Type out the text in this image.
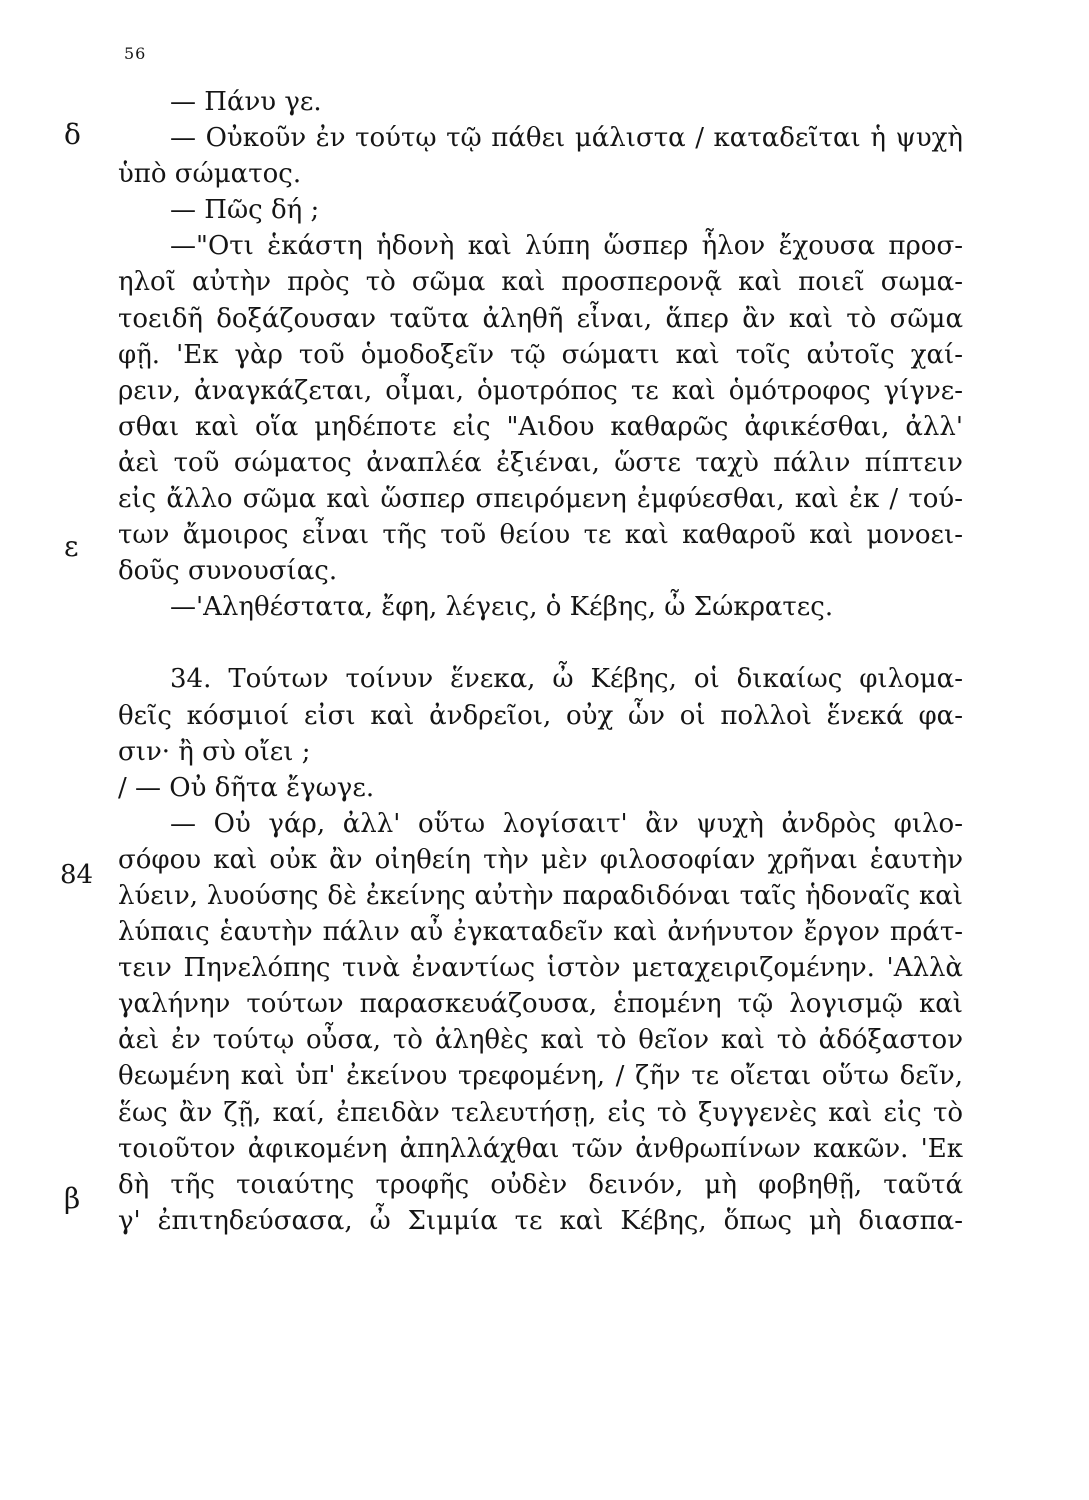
56
δ
ε
84
β
— Πάνυ γε.
— Οὐκοῦν ἐν τούτῳ τῷ πάθει μάλιστα / καταδεῖται ἡ ψυχὴ
ὑπὸ σώματος.
— Πῶς δή ;
—"Οτι ἑκάστη ἡδονὴ καὶ λύπη ὥσπερ ἧλον ἔχουσα προσ-
ηλοῖ αὐτὴν πρὸς τὸ σῶμα καὶ προσπερονᾷ καὶ ποιεῖ σωμα-
τοειδῆ δοξάζουσαν ταῦτα ἀληθῆ εἶναι, ἅπερ ἂν καὶ τὸ σῶμα
φῇ. 'Εκ γὰρ τοῦ ὁμοδοξεῖν τῷ σώματι καὶ τοῖς αὐτοῖς χαί-
ρειν, ἀναγκάζεται, οἶμαι, ὁμοτρόπος τε καὶ ὁμότροφος γίγνε-
σθαι καὶ οἵα μηδέποτε εἰς "Αιδου καθαρῶς ἀφικέσθαι, ἀλλ'
ἀεὶ τοῦ σώματος ἀναπλέα ἐξιέναι, ὥστε ταχὺ πάλιν πίπτειν
εἰς ἄλλο σῶμα καὶ ὥσπερ σπειρόμενη ἐμφύεσθαι, καὶ ἐκ / τού-
των ἄμοιρος εἶναι τῆς τοῦ θείου τε καὶ καθαροῦ καὶ μονοει-
δοῦς συνουσίας.
—'Αληθέστατα, ἔφη, λέγεις, ὁ Κέβης, ὦ Σώκρατες.
34. Τούτων τοίνυν ἕνεκα, ὦ Κέβης, οἱ δικαίως φιλομα-
θεῖς κόσμιοί εἰσι καὶ ἀνδρεῖοι, οὐχ ὧν οἱ πολλοὶ ἕνεκά φα-
σιν· ἢ σὺ οἴει ;
/ — Οὐ δῆτα ἔγωγε.
— Οὐ γάρ, ἀλλ' οὕτω λογίσαιτ' ἂν ψυχὴ ἀνδρὸς φιλο-
σόφου καὶ οὐκ ἂν οἰηθείη τὴν μὲν φιλοσοφίαν χρῆναι ἑαυτὴν
λύειν, λυούσης δὲ ἐκείνης αὐτὴν παραδιδόναι ταῖς ἡδοναῖς καὶ
λύπαις ἑαυτὴν πάλιν αὖ ἐγκαταδεῖν καὶ ἀνήνυτον ἔργον πράτ-
τειν Πηνελόπης τινὰ ἐναντίως ἱστὸν μεταχειριζομένην. 'Αλλὰ
γαλήνην τούτων παρασκευάζουσα, ἑπομένη τῷ λογισμῷ καὶ
ἀεὶ ἐν τούτῳ οὖσα, τὸ ἀληθὲς καὶ τὸ θεῖον καὶ τὸ ἀδόξαστον
θεωμένη καὶ ὑπ' ἐκείνου τρεφομένη, / ζῆν τε οἴεται οὕτω δεῖν,
ἕως ἂν ζῇ, καί, ἐπειδὰν τελευτήσῃ, εἰς τὸ ξυγγενὲς καὶ εἰς τὸ
τοιοῦτον ἀφικομένη ἀπηλλάχθαι τῶν ἀνθρωπίνων κακῶν. 'Εκ
δὴ τῆς τοιαύτης τροφῆς οὐδὲν δεινόν, μὴ φοβηθῇ, ταῦτά
γ' ἐπιτηδεύσασα, ὦ Σιμμία τε καὶ Κέβης, ὅπως μὴ διασπα-
